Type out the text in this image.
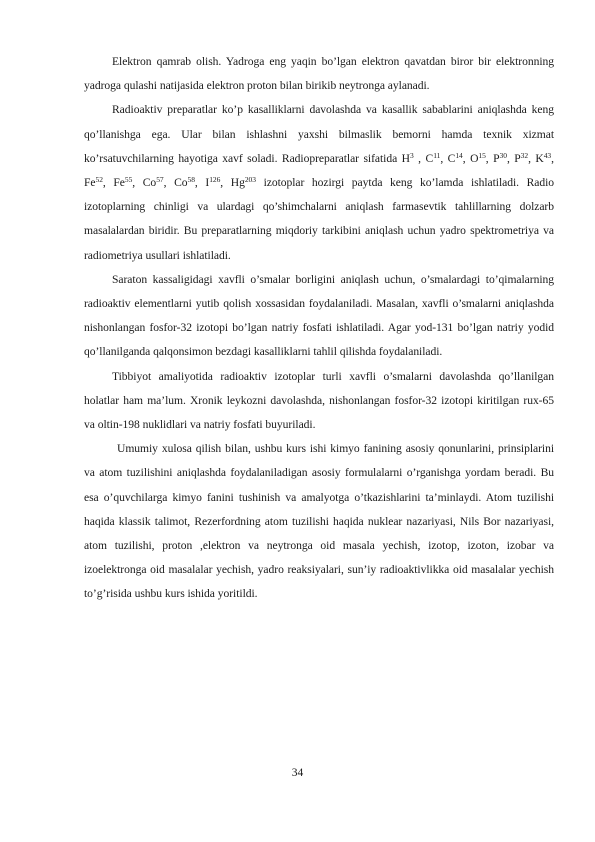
Elektron qamrab olish. Yadroga eng yaqin bo’lgan elektron qavatdan biror bir elektronning yadroga qulashi natijasida elektron proton bilan birikib neytronga aylanadi.

Radioaktiv preparatlar ko’p kasalliklarni davolashda va kasallik sabablarini aniqlashda keng qo’llanishga ega. Ular bilan ishlashni yaxshi bilmaslik bemorni hamda texnik xizmat ko’rsatuvchilarning hayotiga xavf soladi. Radiopreparatlar sifatida $H^3$ , $C^{11}$, $C^{14}$, $O^{15}$, $P^{30}$, $P^{32}$, $K^{43}$, Fe$^{52}$, Fe$^{55}$, Co$^{57}$, Co$^{58}$, $I^{126}$, Hg$^{203}$ izotoplar hozirgi paytda keng ko’lamda ishlatiladi. Radio izotoplarning chinligi va ulardagi qo’shimchalarni aniqlash farmasevtik tahlillarning dolzarb masalalardan biridir. Bu preparatlarning miqdoriy tarkibini aniqlash uchun yadro spektrometriya va radiometriya usullari ishlatiladi.

Saraton kassaligidagi xavfli o’smalar borligini aniqlash uchun, o’smalardagi to’qimalarning radioaktiv elementlarni yutib qolish xossasidan foydalaniladi. Masalan, xavfli o’smalarni aniqlashda nishonlangan fosfor-32 izotopi bo’lgan natriy fosfati ishlatiladi. Agar yod-131 bo’lgan natriy yodid qo’llanilganda qalqonsimon bezdagi kasalliklarni tahlil qilishda foydalaniladi.

Tibbiyot amaliyotida radioaktiv izotoplar turli xavfli o’smalarni davolashda qo’llanilgan holatlar ham ma’lum. Xronik leykozni davolashda, nishonlangan fosfor-32 izotopi kiritilgan rux-65 va oltin-198 nuklidlari va natriy fosfati buyuriladi.

Umumiy xulosa qilish bilan, ushbu kurs ishi kimyo fanining asosiy qonunlarini, prinsiplarini va atom tuzilishini aniqlashda foydalaniladigan asosiy formulalarni o’rganishga yordam beradi. Bu esa o’quvchilarga kimyo fanini tushinish va amalyotga o’tkazishlarini ta’minlaydi. Atom tuzilishi haqida klassik talimot, Rezerfordning atom tuzilishi haqida nuklear nazariyasi, Nils Bor nazariyasi, atom tuzilishi, proton ,elektron va neytronga oid masala yechish, izotop, izoton, izobar va izoelektronga oid masalalar yechish, yadro reaksiyalari, sun’iy radioaktivlikka oid masalalar yechish to’g’risida ushbu kurs ishida yoritildi.

34
